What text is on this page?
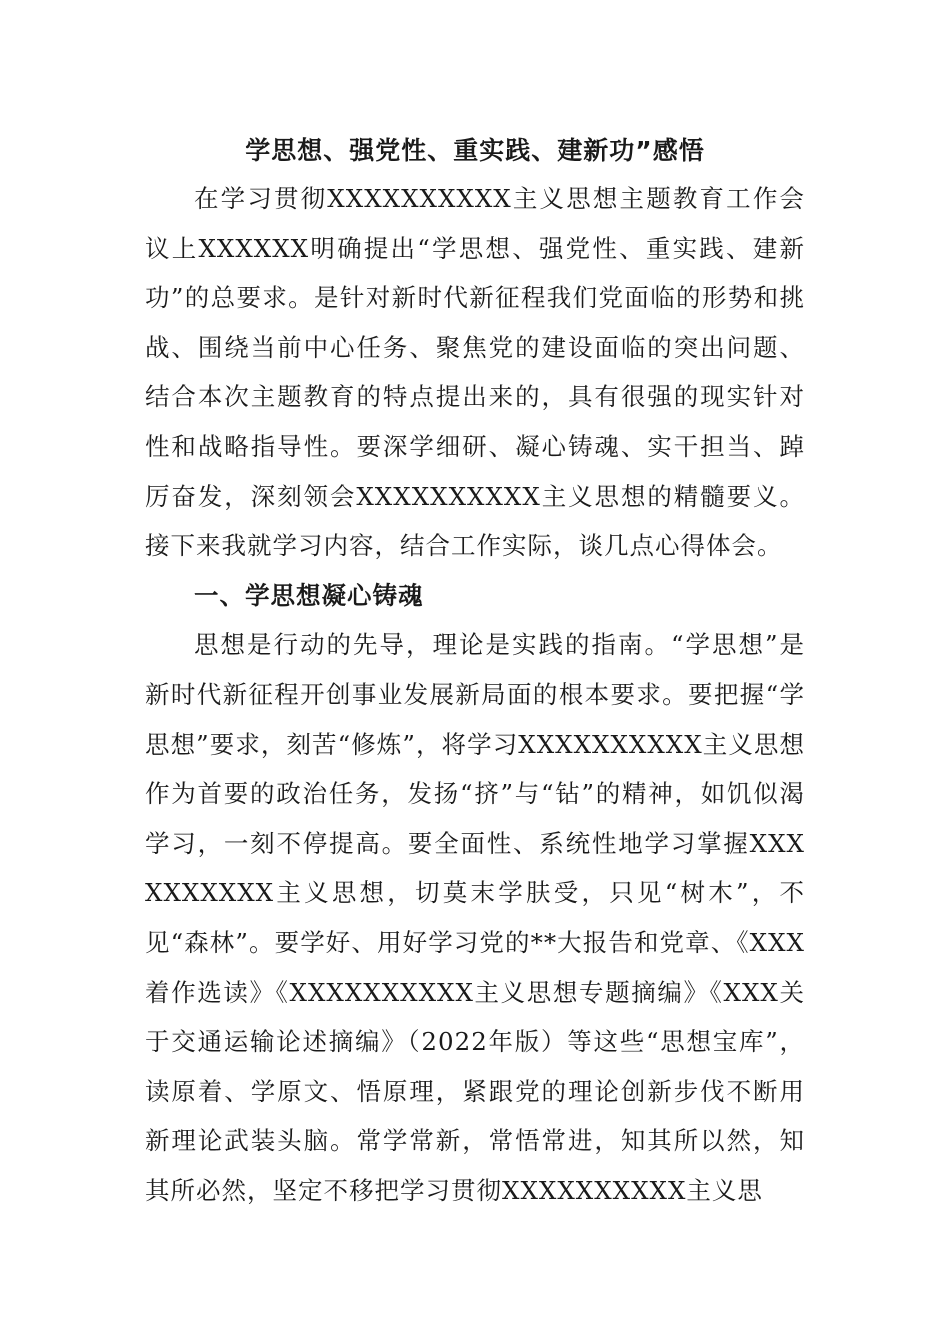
学思想、强党性、重实践、建新功”感悟

在学习贯彻XXXXXXXXXX主义思想主题教育工作会议上XXXXXX明确提出“学思想、强党性、重实践、建新功”的总要求。是针对新时代新征程我们党面临的形势和挑战、围绕当前中心任务、聚焦党的建设面临的突出问题、结合本次主题教育的特点提出来的，具有很强的现实针对性和战略指导性。要深学细研、凝心铸魂、实干担当、踔厉奋发，深刻领会XXXXXXXXXX主义思想的精髓要义。接下来我就学习内容，结合工作实际，谈几点心得体会。

一、学思想凝心铸魂

思想是行动的先导，理论是实践的指南。“学思想”是新时代新征程开创事业发展新局面的根本要求。要把握“学思想”要求，刻苦“修炼”，将学习XXXXXXXXXX主义思想作为首要的政治任务，发扬“挤”与“钻”的精神，如饥似渴学习，一刻不停提高。要全面性、系统性地学习掌握XXXXXXXXXX主义思想，切莫末学肤受，只见“树木”，不见“森林”。要学好、用好学习党的**大报告和党章、《XXX着作选读》《XXXXXXXXXX主义思想专题摘编》《XXX关于交通运输论述摘编》（2022年版）等这些“思想宝库”，读原着、学原文、悟原理，紧跟党的理论创新步伐不断用新理论武装头脑。常学常新，常悟常进，知其所以然，知其所必然，坚定不移把学习贯彻XXXXXXXXXX主义思
